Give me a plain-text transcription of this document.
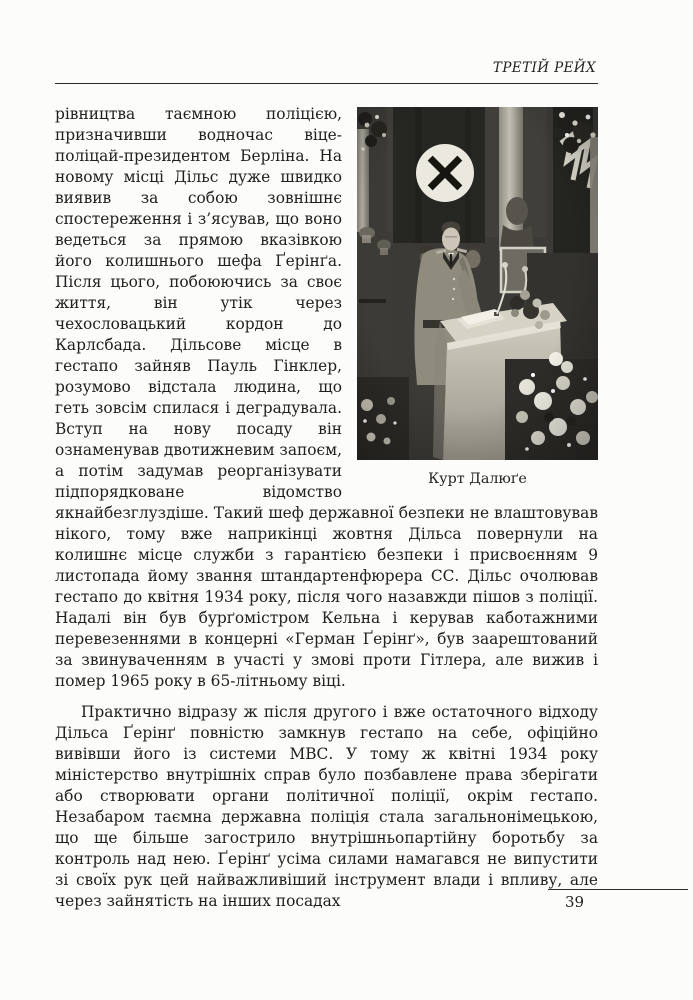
ТРЕТІЙ РЕЙХ
Курт Далюґе

рівництва таємною поліцією, призначивши водночас віце-поліцай-президентом Берліна. На новому місці Дільс дуже швидко виявив за собою зовнішнє спостереження і з’ясував, що воно ведеться за прямою вказівкою його колишнього шефа Ґерінґа. Після цього, побоюючись за своє життя, він утік через чехословацький кордон до Карлсбада. Дільсове місце в гестапо зайняв Пауль Гінклер, розумово відстала людина, що геть зовсім спилася і деградувала. Вступ на нову посаду він ознаменував двотижневим запоєм, а потім задумав реорганізувати підпорядковане відомство якнайбезглуздіше. Такий шеф державної безпеки не влаштовував нікого, тому вже наприкінці жовтня Дільса повернули на колишнє місце служби з гарантією безпеки і присвоєнням 9 листопада йому звання штандартенфюрера СС. Дільс очолював гестапо до квітня 1934 року, після чого назавжди пішов з поліції. Надалі він був бурґомістром Кельна і керував каботажними перевезеннями в концерні «Герман Ґерінґ», був заарештований за звинуваченням в участі у змові проти Гітлера, але вижив і помер 1965 року в 65-літньому віці.

Практично відразу ж після другого і вже остаточного відходу Дільса Ґерінґ повністю замкнув гестапо на себе, офіційно вивівши його із системи МВС. У тому ж квітні 1934 року міністерство внутрішніх справ було позбавлене права зберігати або створювати органи політичної поліції, окрім гестапо. Незабаром таємна державна поліція стала загальнонімецькою, що ще більше загострило внутрішньопартійну боротьбу за контроль над нею. Ґерінґ усіма силами намагався не випустити зі своїх рук цей найважливіший інструмент влади і впливу, але через зайнятість на інших посадах	39
